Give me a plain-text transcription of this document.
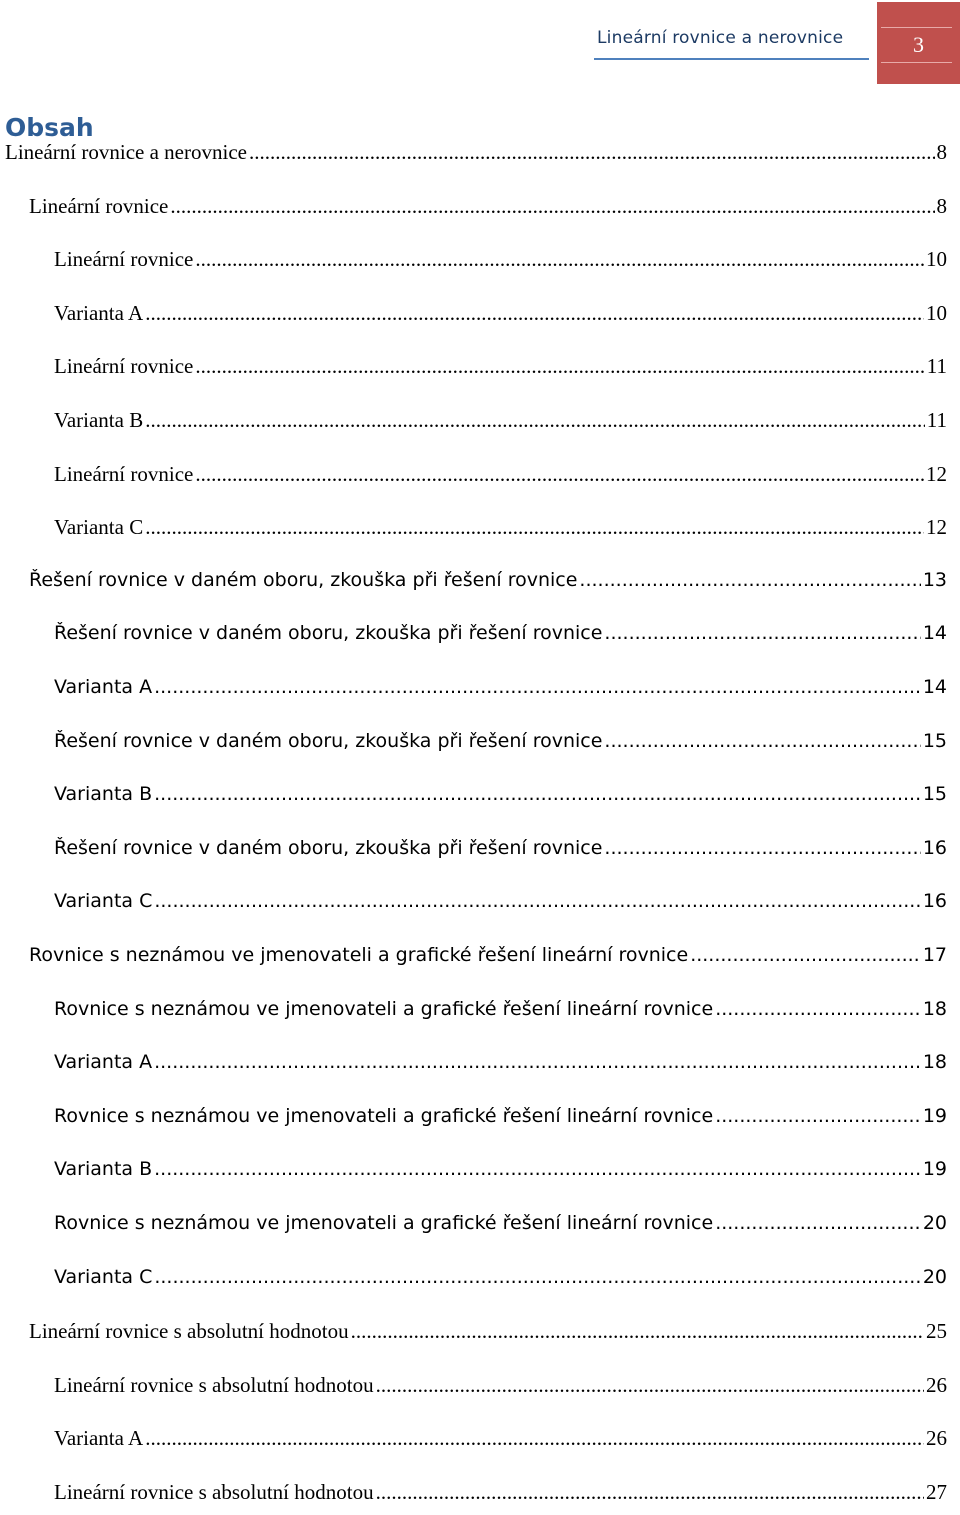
Lineární rovnice a nerovnice	3
Obsah
Lineární rovnice a nerovnice .....	8
Lineární rovnice .....	8
Lineární rovnice .....	10
Varianta A .....	10
Lineární rovnice .....	11
Varianta B .....	11
Lineární rovnice .....	12
Varianta C .....	12
Řešení rovnice v daném oboru, zkouška při řešení rovnice .....	13
Řešení rovnice v daném oboru, zkouška při řešení rovnice .....	14
Varianta A .....	14
Řešení rovnice v daném oboru, zkouška při řešení rovnice .....	15
Varianta B .....	15
Řešení rovnice v daném oboru, zkouška při řešení rovnice .....	16
Varianta C .....	16
Rovnice s neznámou ve jmenovateli a grafické řešení lineární rovnice .....	17
Rovnice s neznámou ve jmenovateli a grafické řešení lineární rovnice .....	18
Varianta A .....	18
Rovnice s neznámou ve jmenovateli a grafické řešení lineární rovnice .....	19
Varianta B .....	19
Rovnice s neznámou ve jmenovateli a grafické řešení lineární rovnice .....	20
Varianta C .....	20
Lineární rovnice s absolutní hodnotou .....	25
Lineární rovnice s absolutní hodnotou .....	26
Varianta A .....	26
Lineární rovnice s absolutní hodnotou .....	27
